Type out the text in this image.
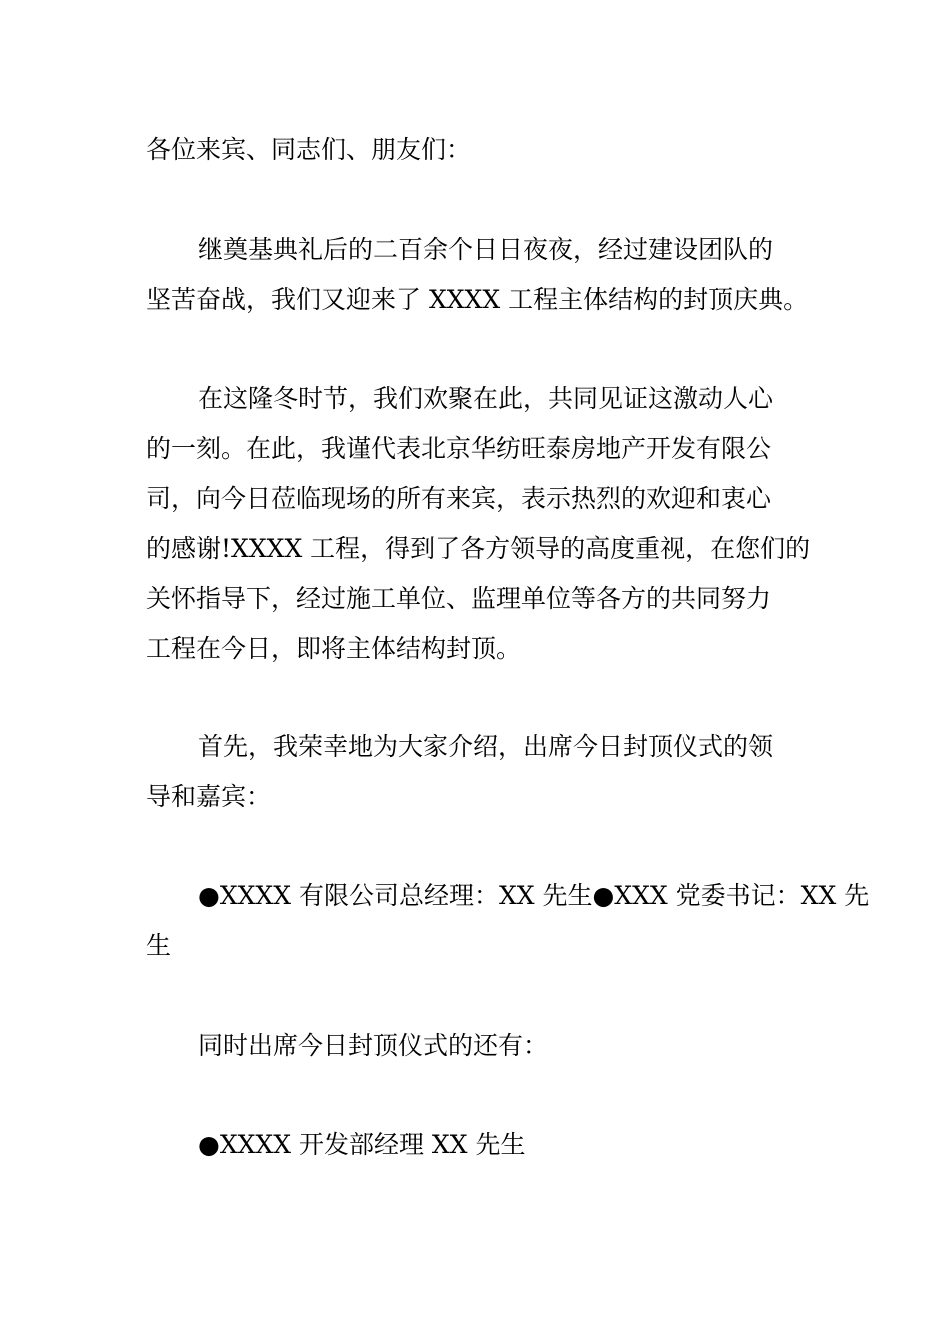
各位来宾、同志们、朋友们：

继奠基典礼后的二百余个日日夜夜，经过建设团队的
坚苦奋战，我们又迎来了 XXXX 工程主体结构的封顶庆典。

在这隆冬时节，我们欢聚在此，共同见证这激动人心
的一刻。在此，我谨代表北京华纺旺泰房地产开发有限公
司，向今日莅临现场的所有来宾，表示热烈的欢迎和衷心
的感谢!XXXX 工程，得到了各方领导的高度重视，在您们的
关怀指导下，经过施工单位、监理单位等各方的共同努力
工程在今日，即将主体结构封顶。

首先，我荣幸地为大家介绍，出席今日封顶仪式的领
导和嘉宾：

●XXXX 有限公司总经理：XX 先生●XXX 党委书记：XX 先
生

同时出席今日封顶仪式的还有：

●XXXX 开发部经理 XX 先生
